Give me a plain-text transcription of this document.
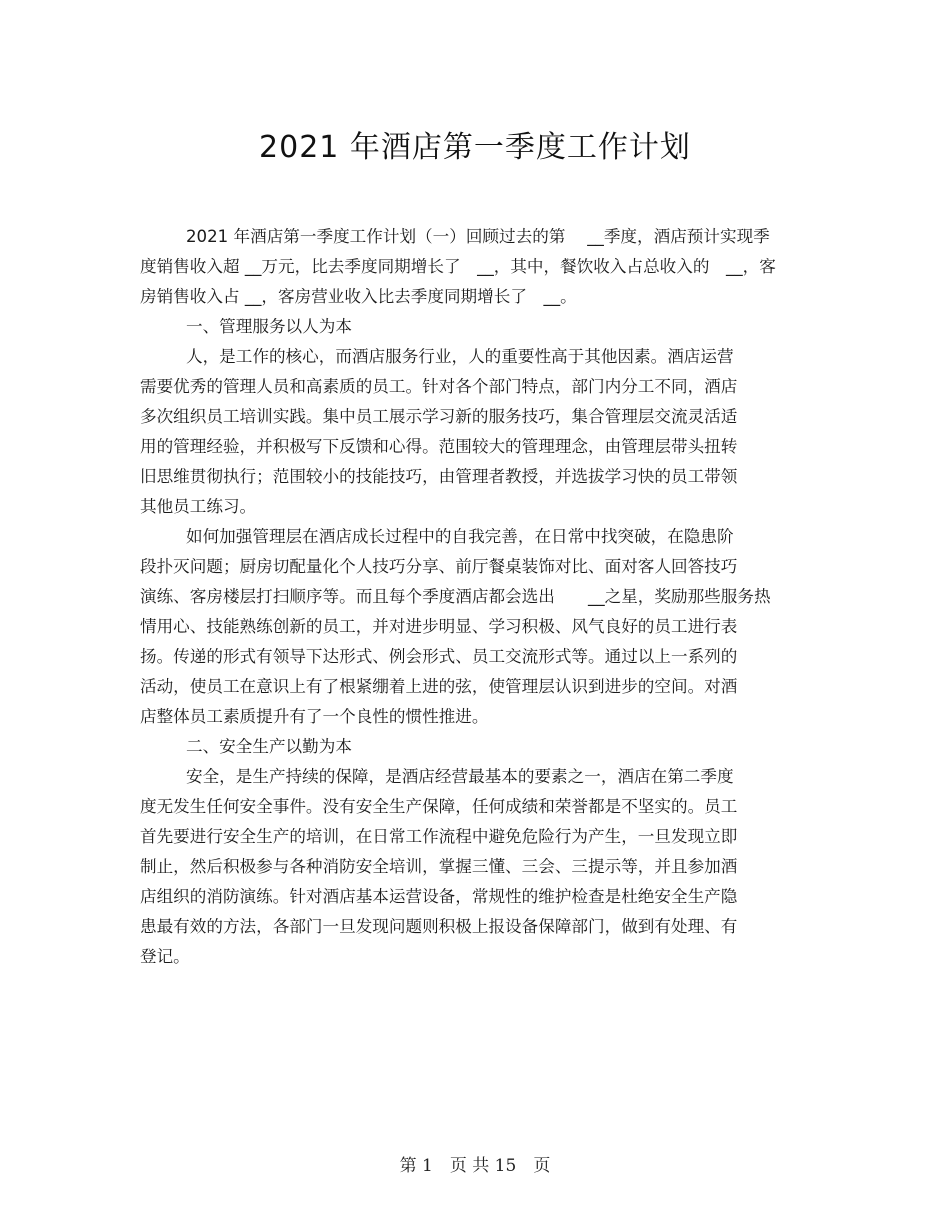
2021 年酒店第一季度工作计划
2021 年酒店第一季度工作计划（一）回顾过去的第　 __季度，酒店预计实现季
度销售收入超 __万元，比去季度同期增长了　__，其中，餐饮收入占总收入的　__，客
房销售收入占 __，客房营业收入比去季度同期增长了　__。
一、管理服务以人为本
人，是工作的核心，而酒店服务行业，人的重要性高于其他因素。酒店运营
需要优秀的管理人员和高素质的员工。针对各个部门特点，部门内分工不同，酒店
多次组织员工培训实践。集中员工展示学习新的服务技巧，集合管理层交流灵活适
用的管理经验，并积极写下反馈和心得。范围较大的管理理念，由管理层带头扭转
旧思维贯彻执行；范围较小的技能技巧，由管理者教授，并选拔学习快的员工带领
其他员工练习。
如何加强管理层在酒店成长过程中的自我完善，在日常中找突破，在隐患阶
段扑灭问题；厨房切配量化个人技巧分享、前厅餐桌装饰对比、面对客人回答技巧
演练、客房楼层打扫顺序等。而且每个季度酒店都会选出　　__之星，奖励那些服务热
情用心、技能熟练创新的员工，并对进步明显、学习积极、风气良好的员工进行表
扬。传递的形式有领导下达形式、例会形式、员工交流形式等。通过以上一系列的
活动，使员工在意识上有了根紧绷着上进的弦，使管理层认识到进步的空间。对酒
店整体员工素质提升有了一个良性的惯性推进。
二、安全生产以勤为本
安全，是生产持续的保障，是酒店经营最基本的要素之一，酒店在第二季度
度无发生任何安全事件。没有安全生产保障，任何成绩和荣誉都是不坚实的。员工
首先要进行安全生产的培训，在日常工作流程中避免危险行为产生，一旦发现立即
制止，然后积极参与各种消防安全培训，掌握三懂、三会、三提示等，并且参加酒
店组织的消防演练。针对酒店基本运营设备，常规性的维护检查是杜绝安全生产隐
患最有效的方法，各部门一旦发现问题则积极上报设备保障部门，做到有处理、有
登记。
第 1　页 共 15　页
